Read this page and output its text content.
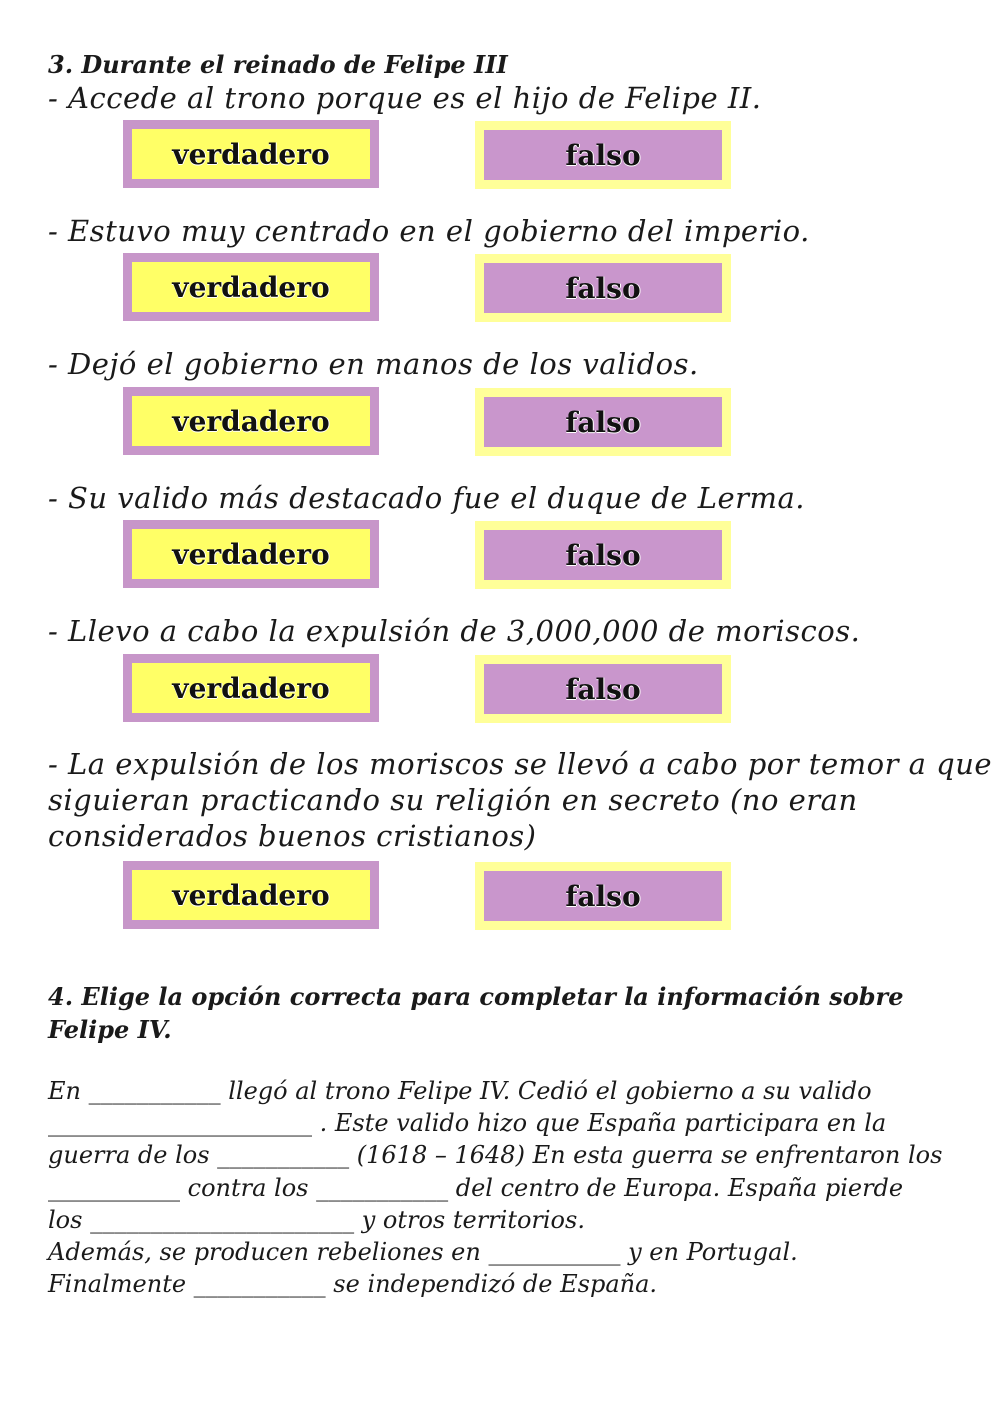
3. Durante el reinado de Felipe III
- Accede al trono porque es el hijo de Felipe II.
verdadero	falso
- Estuvo muy centrado en el gobierno del imperio.
verdadero	falso
- Dejó el gobierno en manos de los validos.
verdadero	falso
- Su valido más destacado fue el duque de Lerma.
verdadero	falso
- Llevo a cabo la expulsión de 3,000,000 de moriscos.
verdadero	falso
- La expulsión de los moriscos se llevó a cabo por temor a que
siguieran practicando su religión en secreto (no eran
considerados buenos cristianos)
verdadero	falso
4. Elige la opción correcta para completar la información sobre
Felipe IV.
En ___________ llegó al trono Felipe IV. Cedió el gobierno a su valido
______________________ . Este valido hizo que España participara en la
guerra de los ___________ (1618 – 1648) En esta guerra se enfrentaron los
___________ contra los ___________ del centro de Europa. España pierde
los ______________________ y otros territorios.
Además, se producen rebeliones en ___________ y en Portugal.
Finalmente ___________ se independizó de España.
